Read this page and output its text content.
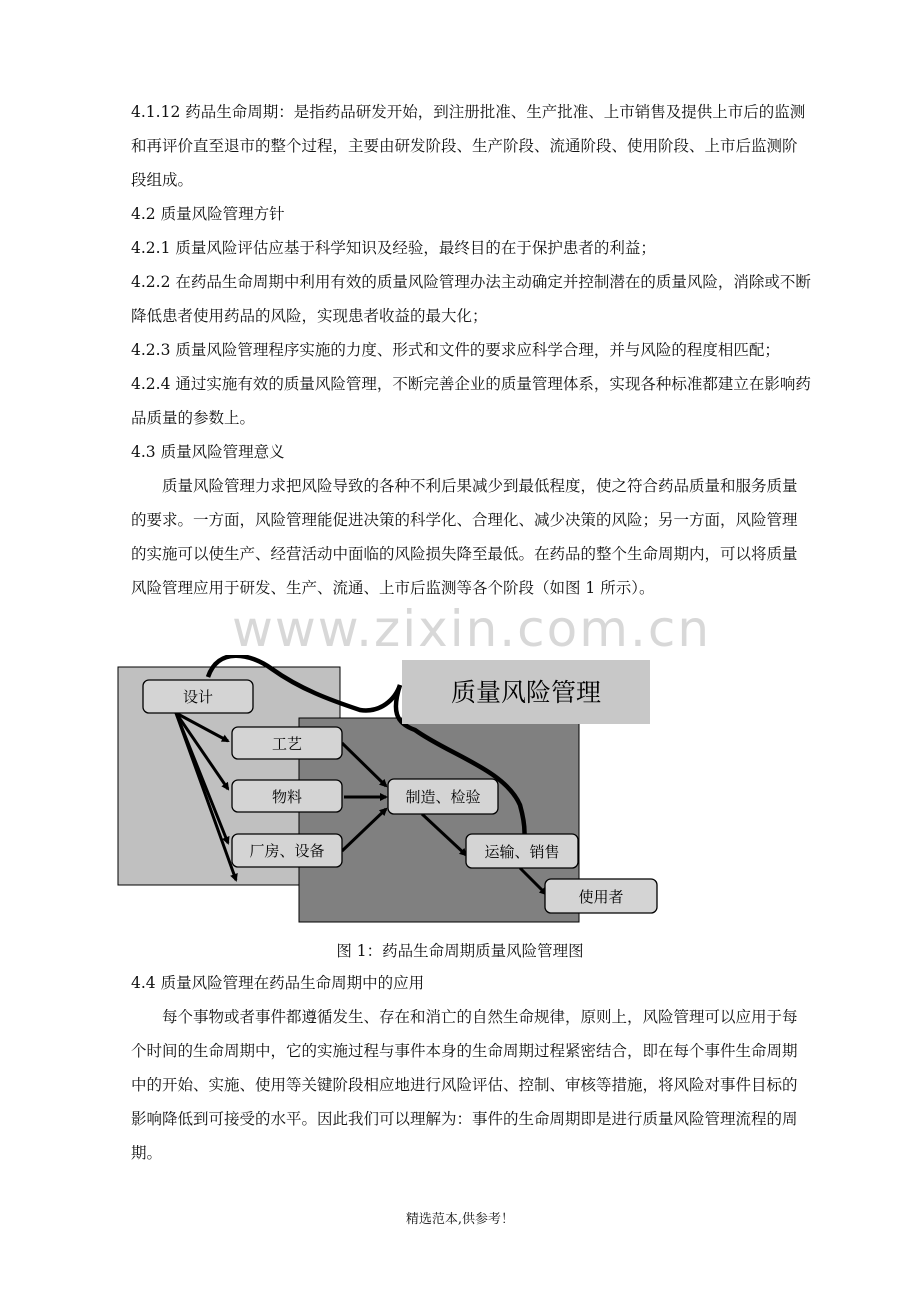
4.1.12 药品生命周期：是指药品研发开始，到注册批准、生产批准、上市销售及提供上市后的监测和再评价直至退市的整个过程，主要由研发阶段、生产阶段、流通阶段、使用阶段、上市后监测阶段组成。

4.2 质量风险管理方针

4.2.1 质量风险评估应基于科学知识及经验，最终目的在于保护患者的利益；

4.2.2 在药品生命周期中利用有效的质量风险管理办法主动确定并控制潜在的质量风险，消除或不断降低患者使用药品的风险，实现患者收益的最大化；

4.2.3 质量风险管理程序实施的力度、形式和文件的要求应科学合理，并与风险的程度相匹配；

4.2.4 通过实施有效的质量风险管理，不断完善企业的质量管理体系，实现各种标准都建立在影响药品质量的参数上。

4.3 质量风险管理意义

质量风险管理力求把风险导致的各种不利后果减少到最低程度，使之符合药品质量和服务质量的要求。一方面，风险管理能促进决策的科学化、合理化、减少决策的风险；另一方面，风险管理的实施可以使生产、经营活动中面临的风险损失降至最低。在药品的整个生命周期内，可以将质量风险管理应用于研发、生产、流通、上市后监测等各个阶段（如图 1 所示）。

www.zixin.com.cn
质量风险管理
设计
工艺
物料
厂房、设备
制造、检验
运输、销售
使用者
图 1：药品生命周期质量风险管理图

4.4 质量风险管理在药品生命周期中的应用

每个事物或者事件都遵循发生、存在和消亡的自然生命规律，原则上，风险管理可以应用于每个时间的生命周期中，它的实施过程与事件本身的生命周期过程紧密结合，即在每个事件生命周期中的开始、实施、使用等关键阶段相应地进行风险评估、控制、审核等措施，将风险对事件目标的影响降低到可接受的水平。因此我们可以理解为：事件的生命周期即是进行质量风险管理流程的周期。

精选范本,供参考！
